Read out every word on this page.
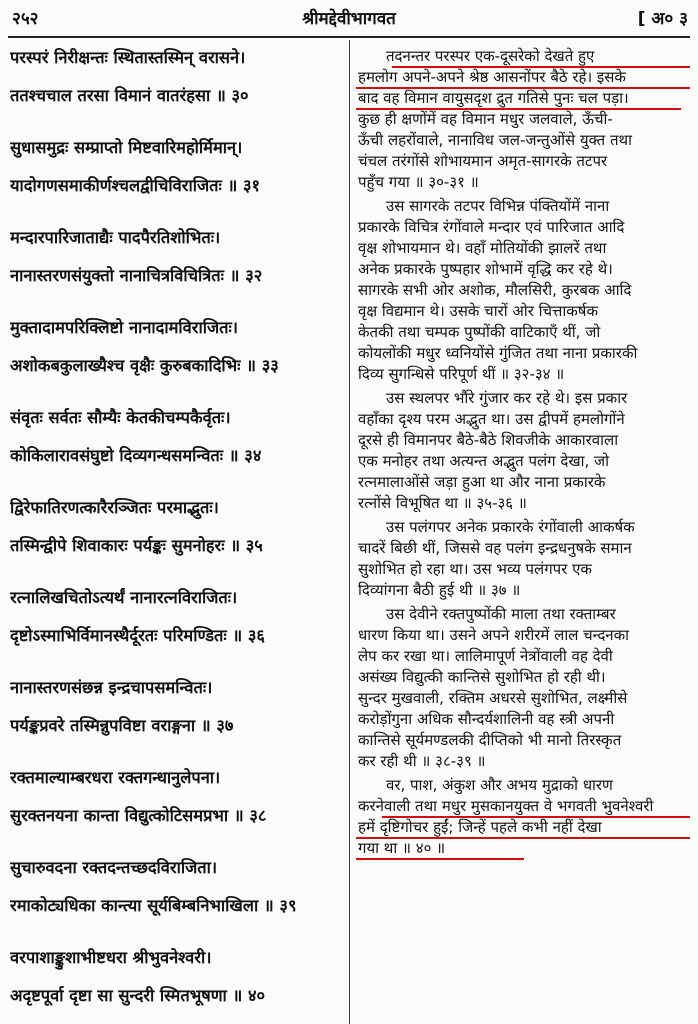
२५२	श्रीमद्देवीभागवत	[ अ० ३
परस्परं निरीक्षन्तः स्थितास्तस्मिन् वरासने।
ततश्चचाल तरसा विमानं वातरंहसा ॥ ३०
सुधासमुद्रः सम्प्राप्तो मिष्टवारिमहोर्मिमान्।
यादोगणसमाकीर्णश्चलद्वीचिविराजितः ॥ ३१
मन्दारपारिजाताद्यैः पादपैरतिशोभितः।
नानास्तरणसंयुक्तो नानाचित्रविचित्रितः ॥ ३२
मुक्तादामपरिक्लिष्टो नानादामविराजितः।
अशोकबकुलाख्यैश्च वृक्षैः कुरुबकादिभिः ॥ ३३
संवृतः सर्वतः सौम्यैः केतकीचम्पकैर्वृतः।
कोकिलारावसंघुष्टो दिव्यगन्धसमन्वितः ॥ ३४
द्विरेफातिरणत्कारैरञ्जितः परमाद्भुतः।
तस्मिन्द्वीपे शिवाकारः पर्यङ्कः सुमनोहरः ॥ ३५
रत्नालिखचितोऽत्यर्थं नानारत्नविराजितः।
दृष्टोऽस्माभिर्विमानस्थैर्दूरतः परिमण्डितः ॥ ३६
नानास्तरणसंछन्न इन्द्रचापसमन्वितः।
पर्यङ्कप्रवरे तस्मिन्नुपविष्टा वराङ्गना ॥ ३७
रक्तमाल्याम्बरधरा रक्तगन्धानुलेपना।
सुरक्तनयना कान्ता विद्युत्कोटिसमप्रभा ॥ ३८
सुचारुवदना रक्तदन्तच्छदविराजिता।
रमाकोट्यधिका कान्त्या सूर्यबिम्बनिभाखिला ॥ ३९
वरपाशाङ्कुशाभीष्टधरा श्रीभुवनेश्वरी।
अदृष्टपूर्वा दृष्टा सा सुन्दरी स्मितभूषणा ॥ ४०
तदनन्तर परस्पर एक-दूसरेको देखते हुए
हमलोग अपने-अपने श्रेष्ठ आसनोंपर बैठे रहे। इसके
बाद वह विमान वायुसदृश द्रुत गतिसे पुनः चल पड़ा।
कुछ ही क्षणोंमें वह विमान मधुर जलवाले, ऊँची-
ऊँची लहरोंवाले, नानाविध जल-जन्तुओंसे युक्त तथा
चंचल तरंगोंसे शोभायमान अमृत-सागरके तटपर
पहुँच गया ॥ ३०-३१ ॥
उस सागरके तटपर विभिन्न पंक्तियोंमें नाना
प्रकारके विचित्र रंगोंवाले मन्दार एवं पारिजात आदि
वृक्ष शोभायमान थे। वहाँ मोतियोंकी झालरें तथा
अनेक प्रकारके पुष्पहार शोभामें वृद्धि कर रहे थे।
सागरके सभी ओर अशोक, मौलसिरी, कुरबक आदि
वृक्ष विद्यमान थे। उसके चारों ओर चित्ताकर्षक
केतकी तथा चम्पक पुष्पोंकी वाटिकाएँ थीं, जो
कोयलोंकी मधुर ध्वनियोंसे गुंजित तथा नाना प्रकारकी
दिव्य सुगन्धिसे परिपूर्ण थीं ॥ ३२-३४ ॥
उस स्थलपर भौंरे गुंजार कर रहे थे। इस प्रकार
वहाँका दृश्य परम अद्भुत था। उस द्वीपमें हमलोगोंने
दूरसे ही विमानपर बैठे-बैठे शिवजीके आकारवाला
एक मनोहर तथा अत्यन्त अद्भुत पलंग देखा, जो
रत्नमालाओंसे जड़ा हुआ था और नाना प्रकारके
रत्नोंसे विभूषित था ॥ ३५-३६ ॥
उस पलंगपर अनेक प्रकारके रंगोंवाली आकर्षक
चादरें बिछी थीं, जिससे वह पलंग इन्द्रधनुषके समान
सुशोभित हो रहा था। उस भव्य पलंगपर एक
दिव्यांगना बैठी हुई थी ॥ ३७ ॥
उस देवीने रक्तपुष्पोंकी माला तथा रक्ताम्बर
धारण किया था। उसने अपने शरीरमें लाल चन्दनका
लेप कर रखा था। लालिमापूर्ण नेत्रोंवाली वह देवी
असंख्य विद्युत्की कान्तिसे सुशोभित हो रही थी।
सुन्दर मुखवाली, रक्तिम अधरसे सुशोभित, लक्ष्मीसे
करोड़ोंगुना अधिक सौन्दर्यशालिनी वह स्त्री अपनी
कान्तिसे सूर्यमण्डलकी दीप्तिको भी मानो तिरस्कृत
कर रही थी ॥ ३८-३९ ॥
वर, पाश, अंकुश और अभय मुद्राको धारण
करनेवाली तथा मधुर मुसकानयुक्त वे भगवती भुवनेश्वरी
हमें दृष्टिगोचर हुईं; जिन्हें पहले कभी नहीं देखा
गया था ॥ ४० ॥
